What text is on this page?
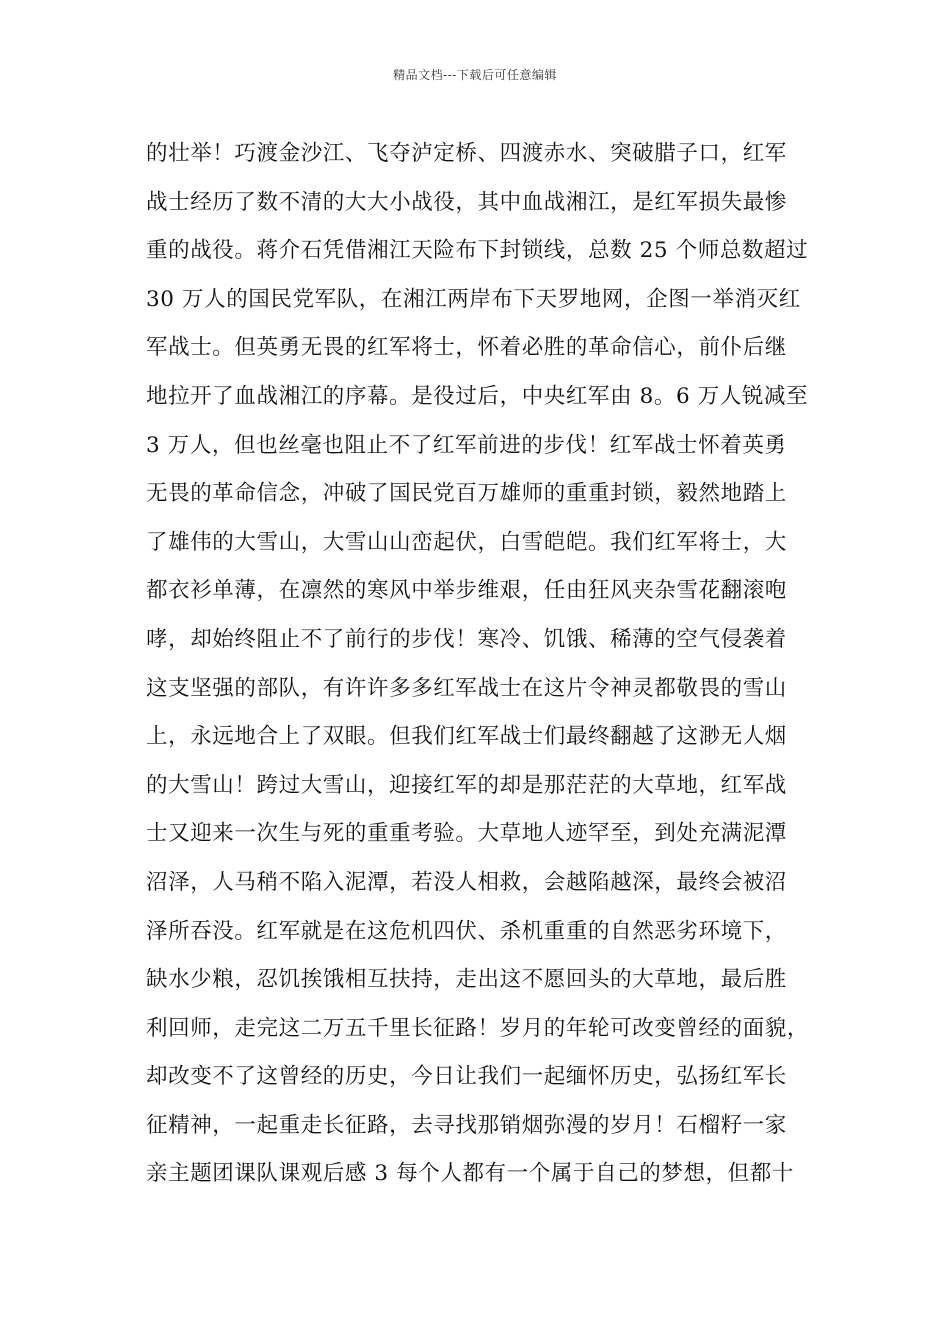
精品文档---下载后可任意编辑
的壮举！巧渡金沙江、飞夺泸定桥、四渡赤水、突破腊子口，红军
战士经历了数不清的大大小战役，其中血战湘江，是红军损失最惨
重的战役。蒋介石凭借湘江天险布下封锁线，总数 25 个师总数超过
30 万人的国民党军队，在湘江两岸布下天罗地网，企图一举消灭红
军战士。但英勇无畏的红军将士，怀着必胜的革命信心，前仆后继
地拉开了血战湘江的序幕。是役过后，中央红军由 8。6 万人锐减至
3 万人，但也丝毫也阻止不了红军前进的步伐！红军战士怀着英勇
无畏的革命信念，冲破了国民党百万雄师的重重封锁，毅然地踏上
了雄伟的大雪山，大雪山山峦起伏，白雪皑皑。我们红军将士，大
都衣衫单薄，在凛然的寒风中举步维艰，任由狂风夹杂雪花翻滚咆
哮，却始终阻止不了前行的步伐！寒冷、饥饿、稀薄的空气侵袭着
这支坚强的部队，有许许多多红军战士在这片令神灵都敬畏的雪山
上，永远地合上了双眼。但我们红军战士们最终翻越了这渺无人烟
的大雪山！跨过大雪山，迎接红军的却是那茫茫的大草地，红军战
士又迎来一次生与死的重重考验。大草地人迹罕至，到处充满泥潭
沼泽，人马稍不陷入泥潭，若没人相救，会越陷越深，最终会被沼
泽所吞没。红军就是在这危机四伏、杀机重重的自然恶劣环境下，
缺水少粮，忍饥挨饿相互扶持，走出这不愿回头的大草地，最后胜
利回师，走完这二万五千里长征路！岁月的年轮可改变曾经的面貌，
却改变不了这曾经的历史，今日让我们一起缅怀历史，弘扬红军长
征精神，一起重走长征路，去寻找那销烟弥漫的岁月！石榴籽一家
亲主题团课队课观后感 3 每个人都有一个属于自己的梦想，但都十
